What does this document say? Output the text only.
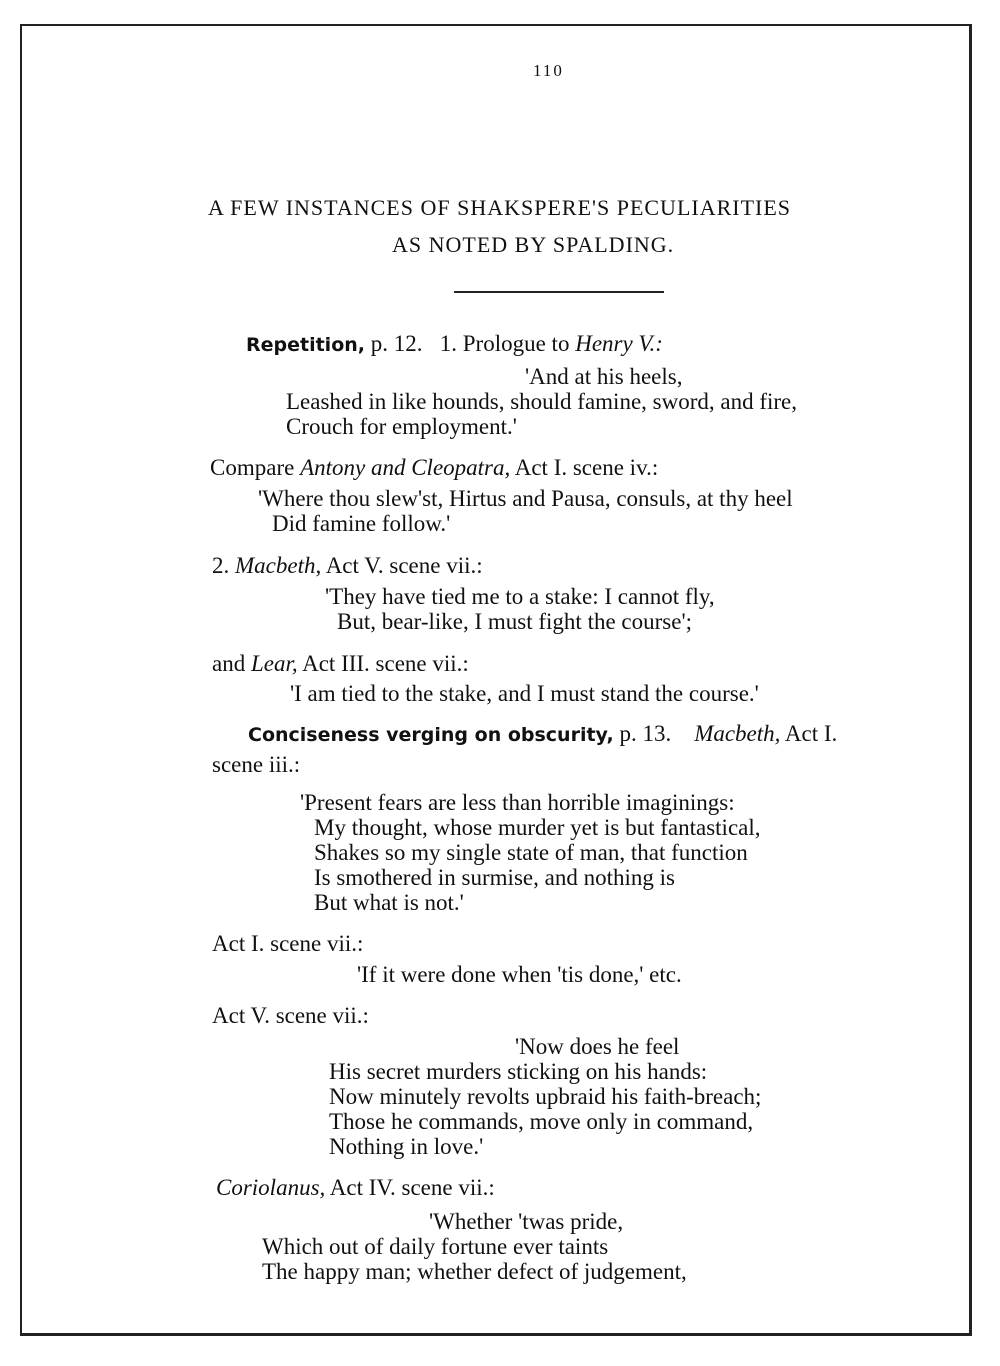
110
A FEW INSTANCES OF SHAKSPERE'S PECULIARITIES
AS NOTED BY SPALDING.
Repetition, p. 12. 1. Prologue to Henry V.:
'And at his heels,
Leashed in like hounds, should famine, sword, and fire,
Crouch for employment.'
Compare Antony and Cleopatra, Act I. scene iv.:
'Where thou slew'st, Hirtus and Pausa, consuls, at thy heel
Did famine follow.'
2. Macbeth, Act V. scene vii.:
'They have tied me to a stake: I cannot fly,
But, bear-like, I must fight the course';
and Lear, Act III. scene vii.:
'I am tied to the stake, and I must stand the course.'
Conciseness verging on obscurity, p. 13.    Macbeth, Act I.
scene iii.:
'Present fears are less than horrible imaginings:
My thought, whose murder yet is but fantastical,
Shakes so my single state of man, that function
Is smothered in surmise, and nothing is
But what is not.'
Act I. scene vii.:
'If it were done when 'tis done,' etc.
Act V. scene vii.:
'Now does he feel
His secret murders sticking on his hands:
Now minutely revolts upbraid his faith-breach;
Those he commands, move only in command,
Nothing in love.'
Coriolanus, Act IV. scene vii.:
'Whether 'twas pride,
Which out of daily fortune ever taints
The happy man; whether defect of judgement,
